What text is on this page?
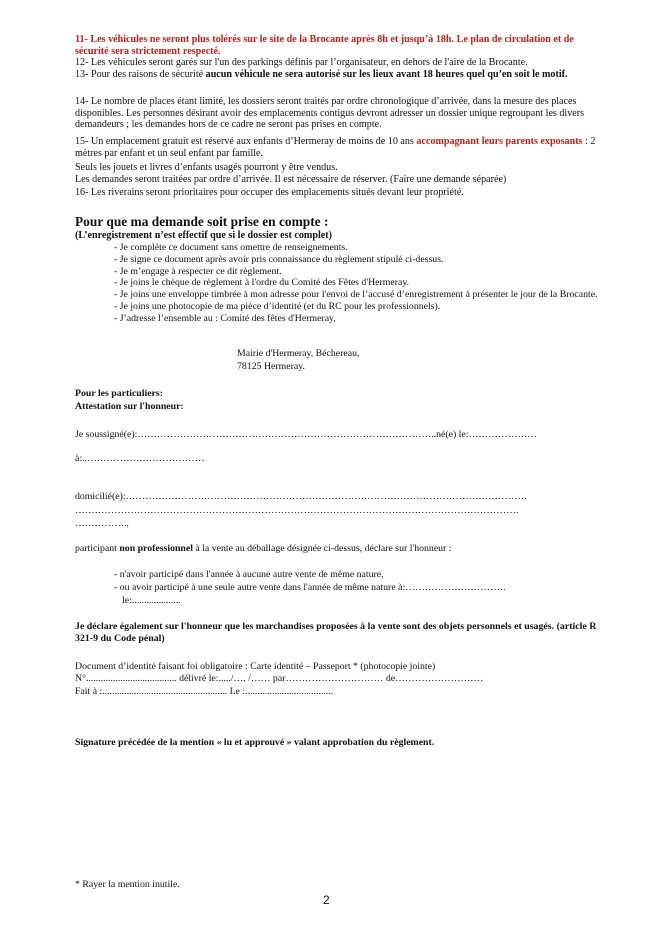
11- Les véhicules ne seront plus tolérés sur le site de la Brocante après 8h et jusqu’à 18h. Le plan de circulation et de sécurité sera strictement respecté.
12- Les véhicules seront garés sur l'un des parkings définis par l’organisateur, en dehors de l'aire de la Brocante.
13- Pour des raisons de sécurité aucun véhicule ne sera autorisé sur les lieux avant 18 heures quel qu’en soit le motif.
14- Le nombre de places étant limité, les dossiers seront traités par ordre chronologique d’arrivée, dans la mesure des places disponibles. Les personnes désirant avoir des emplacements contigus devront adresser un dossier unique regroupant les divers demandeurs ; les demandes hors de ce cadre ne seront pas prises en compte.
15- Un emplacement gratuit est réservé aux enfants d’Hermeray de moins de 10 ans accompagnant leurs parents exposants : 2 mètres par enfant et un seul enfant par famille.
Seuls les jouets et livres d’enfants usagés pourront y être vendus.
Les demandes seront traitées par ordre d’arrivée. Il est nécessaire de réserver. (Faire une demande séparée)
16- Les riverains seront prioritaires pour occuper des emplacements situés devant leur propriété.
Pour que ma demande soit prise en compte :
(L’enregistrement n’est effectif que si le dossier est complet)
- Je complète ce document sans omettre de renseignements.
- Je signe ce document après avoir pris connaissance du règlement stipulé ci-dessus.
- Je m’engage à respecter ce dit règlement.
- Je joins le chèque de règlement à l'ordre du Comité des Fêtes d'Hermeray.
- Je joins une enveloppe timbrée à mon adresse pour l'envoi de l’accusé d’enregistrement à présenter le jour de la Brocante.
- Je joins une photocopie de ma pièce d’identité (et du RC pour les professionnels).
- J’adresse l’ensemble au : Comité des fêtes d'Hermeray,
Mairie d'Hermeray, Béchereau,
78125 Hermeray.
Pour les particuliers:
Attestation sur l'honneur:
Je soussigné(e):………………………………………………………………………………..né(e) le:…………………
à:..………………………………
domicilié(e):……………………………………………………………………………………………………………
……………………………………………………………………………………………………………………….
…………….,
participant non professionnel à la vente au déballage désignée ci-dessus, déclare sur l'honneur :
- n'avoir participé dans l'année à aucune autre vente de même nature,
- ou avoir participé à une seule autre vente dans l'année de même nature à:………………………….
le:....................
Je déclare également sur l'honneur que les marchandises proposées à la vente sont des objets personnels et usagés. (article R 321-9 du Code pénal)
Document d’identité faisant foi obligatoire : Carte identité – Passeport * (photocopie jointe)
N°..................................... délivré le:...../…. /…… par………………………… de………………………
Fait à :................................................... Le :....................................
Signature précédée de la mention « lu et approuvé » valant approbation du règlement.
* Rayer la mention inutile.
2
